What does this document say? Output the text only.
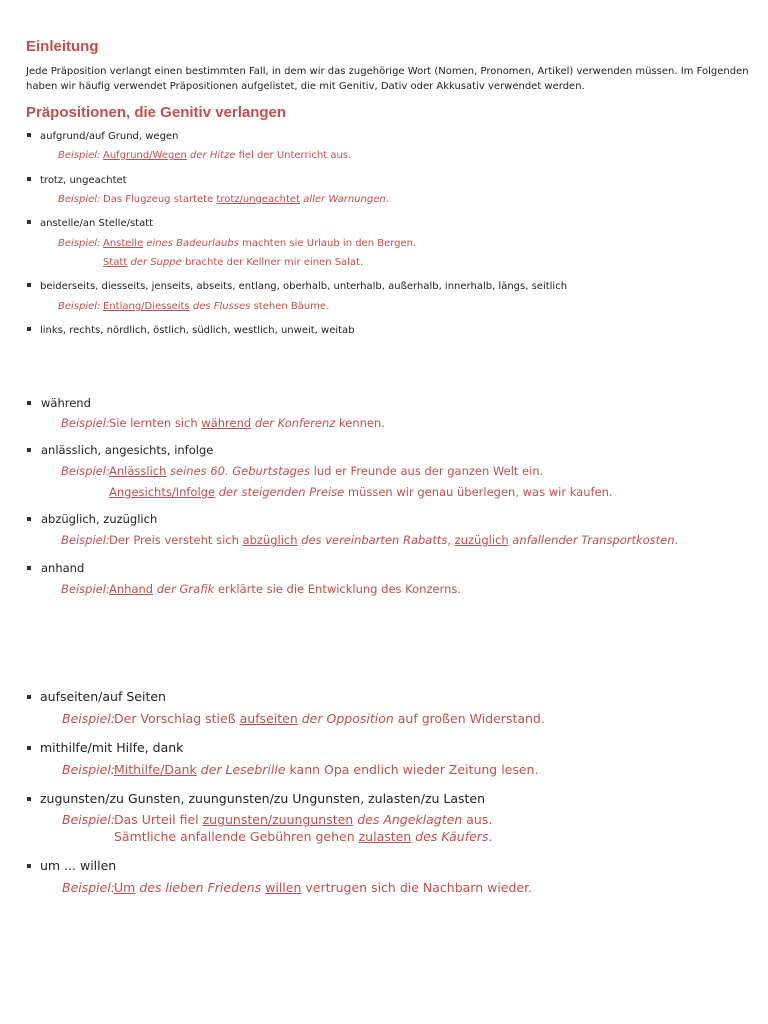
Einleitung

Jede Präposition verlangt einen bestimmten Fall, in dem wir das zugehörige Wort (Nomen, Pronomen, Artikel) verwenden müssen. Im Folgenden haben wir häufig verwendet Präpositionen aufgelistet, die mit Genitiv, Dativ oder Akkusativ verwendet werden.

Präpositionen, die Genitiv verlangen
aufgrund/auf Grund, wegen
Beispiel: Aufgrund/Wegen der Hitze fiel der Unterricht aus.
trotz, ungeachtet
Beispiel: Das Flugzeug startete trotz/ungeachtet aller Warnungen.
anstelle/an Stelle/statt
Beispiel: Anstelle eines Badeurlaubs machten sie Urlaub in den Bergen.
Statt der Suppe brachte der Kellner mir einen Salat.
beiderseits, diesseits, jenseits, abseits, entlang, oberhalb, unterhalb, außerhalb, innerhalb, längs, seitlich
Beispiel: Entlang/Diesseits des Flusses stehen Bäume.
links, rechts, nördlich, östlich, südlich, westlich, unweit, weitab
während
Beispiel:Sie lernten sich während der Konferenz kennen.
anlässlich, angesichts, infolge
Beispiel:Anlässlich seines 60. Geburtstages lud er Freunde aus der ganzen Welt ein.
Angesichts/Infolge der steigenden Preise müssen wir genau überlegen, was wir kaufen.
abzüglich, zuzüglich
Beispiel:Der Preis versteht sich abzüglich des vereinbarten Rabatts, zuzüglich anfallender Transportkosten.
anhand
Beispiel:Anhand der Grafik erklärte sie die Entwicklung des Konzerns.
aufseiten/auf Seiten
Beispiel:Der Vorschlag stieß aufseiten der Opposition auf großen Widerstand.
mithilfe/mit Hilfe, dank
Beispiel:Mithilfe/Dank der Lesebrille kann Opa endlich wieder Zeitung lesen.
zugunsten/zu Gunsten, zuungunsten/zu Ungunsten, zulasten/zu Lasten
Beispiel:Das Urteil fiel zugunsten/zuungunsten des Angeklagten aus.
Sämtliche anfallende Gebühren gehen zulasten des Käufers.
um ... willen
Beispiel:Um des lieben Friedens willen vertrugen sich die Nachbarn wieder.
